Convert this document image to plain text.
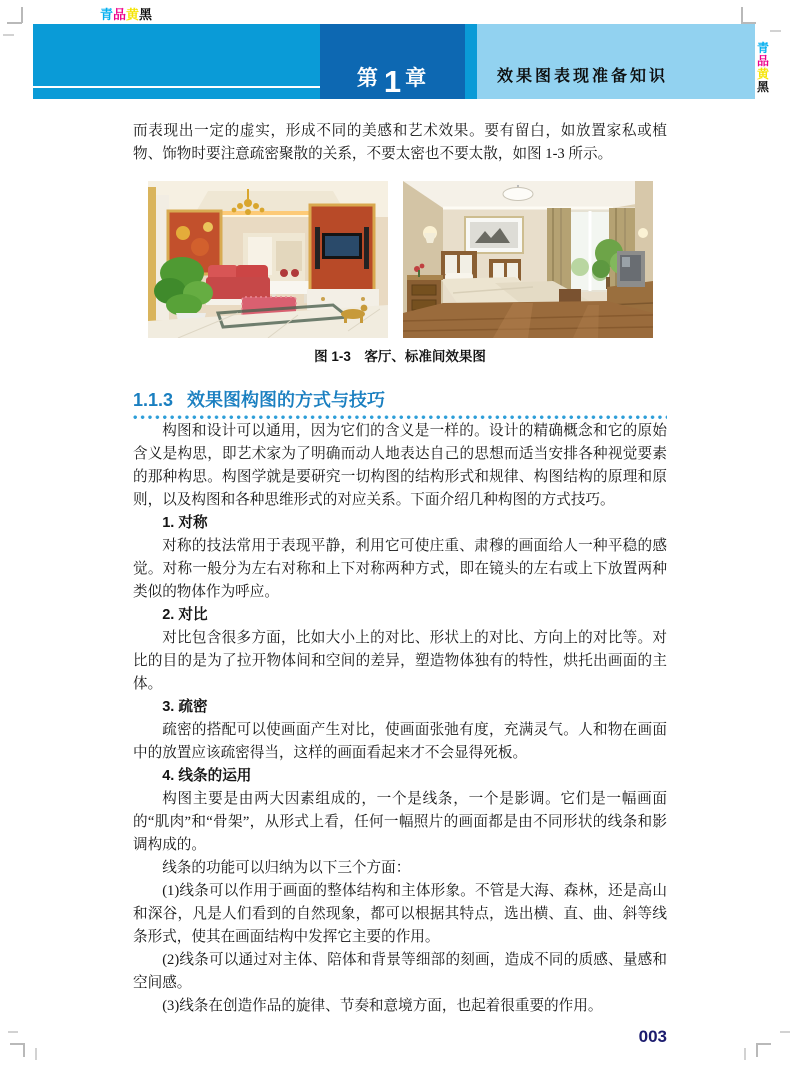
青品黄黑
第 1 章	效果图表现准备知识
青
品
黄
黑

而表现出一定的虚实，形成不同的美感和艺术效果。要有留白，如放置家私或植物、饰物时要注意疏密聚散的关系，不要太密也不要太散，如图 1-3 所示。

图 1-3　客厅、标准间效果图
1.1.3 效果图构图的方式与技巧

构图和设计可以通用，因为它们的含义是一样的。设计的精确概念和它的原始含义是构思，即艺术家为了明确而动人地表达自己的思想而适当安排各种视觉要素的那种构思。构图学就是要研究一切构图的结构形式和规律、构图结构的原理和原则，以及构图和各种思维形式的对应关系。下面介绍几种构图的方式技巧。

1. 对称

对称的技法常用于表现平静，利用它可使庄重、肃穆的画面给人一种平稳的感觉。对称一般分为左右对称和上下对称两种方式，即在镜头的左右或上下放置两种类似的物体作为呼应。

2. 对比

对比包含很多方面，比如大小上的对比、形状上的对比、方向上的对比等。对比的目的是为了拉开物体间和空间的差异，塑造物体独有的特性，烘托出画面的主体。

3. 疏密

疏密的搭配可以使画面产生对比，使画面张弛有度，充满灵气。人和物在画面中的放置应该疏密得当，这样的画面看起来才不会显得死板。

4. 线条的运用

构图主要是由两大因素组成的，一个是线条，一个是影调。它们是一幅画面的“肌肉”和“骨架”，从形式上看，任何一幅照片的画面都是由不同形状的线条和影调构成的。

线条的功能可以归纳为以下三个方面：

(1)线条可以作用于画面的整体结构和主体形象。不管是大海、森林，还是高山和深谷，凡是人们看到的自然现象，都可以根据其特点，选出横、直、曲、斜等线条形式，使其在画面结构中发挥它主要的作用。

(2)线条可以通过对主体、陪体和背景等细部的刻画，造成不同的质感、量感和空间感。

(3)线条在创造作品的旋律、节奏和意境方面，也起着很重要的作用。

003
